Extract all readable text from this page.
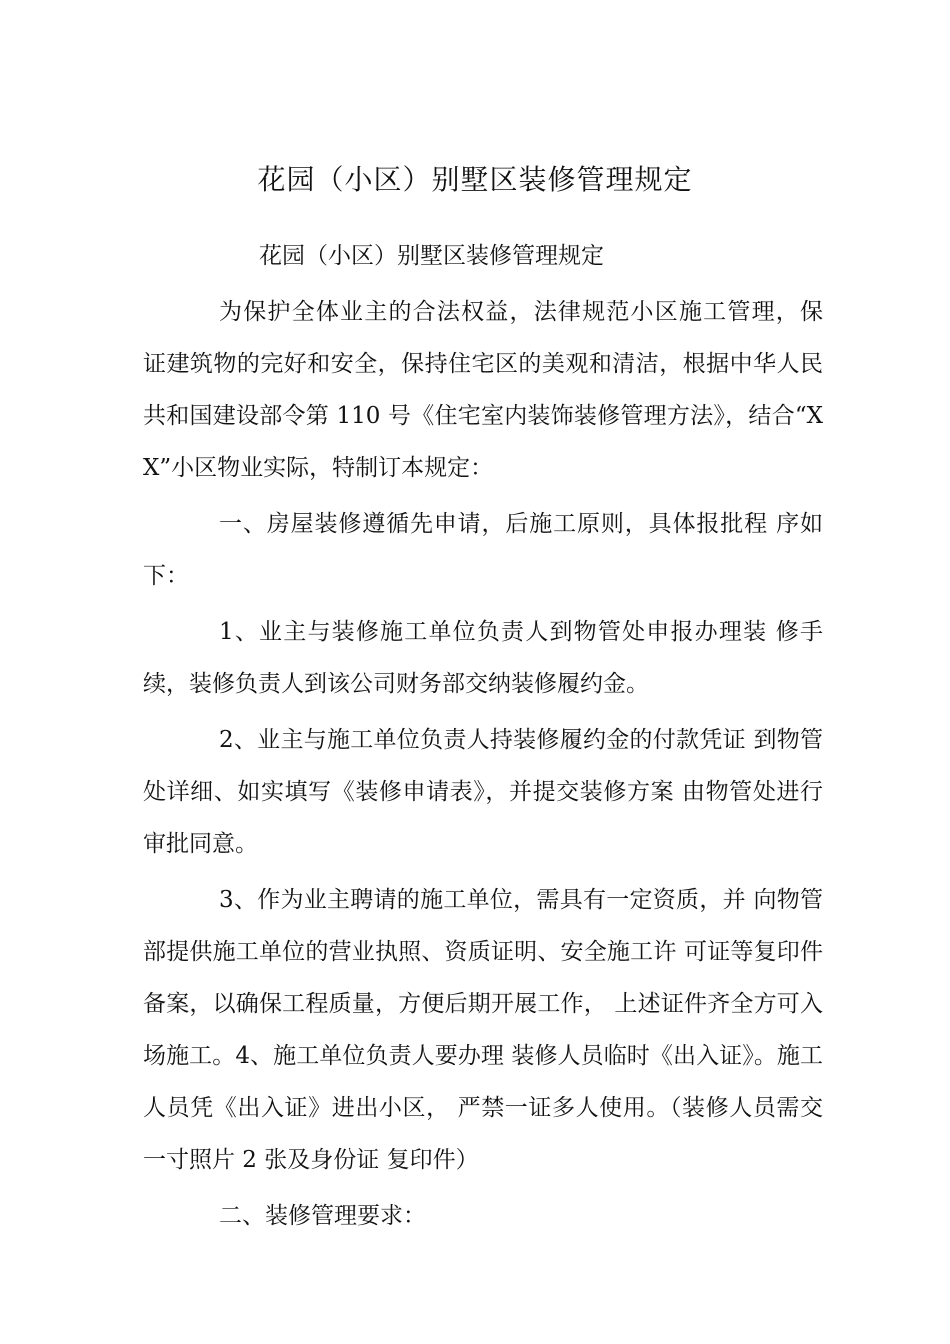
花园（小区）别墅区装修管理规定

花园（小区）别墅区装修管理规定

为保护全体业主的合法权益，法律规范小区施工管理，保 证建筑物的完好和安全，保持住宅区的美观和清洁，根据中华人民共和国建设部令第 110 号《住宅室内装饰装修管理方法》，结合“XX”小区物业实际，特制订本规定：

一、房屋装修遵循先申请，后施工原则，具体报批程 序如下：

1、业主与装修施工单位负责人到物管处申报办理装 修手续，装修负责人到该公司财务部交纳装修履约金。

2、业主与施工单位负责人持装修履约金的付款凭证 到物管处详细、如实填写《装修申请表》，并提交装修方案 由物管处进行审批同意。

3、作为业主聘请的施工单位，需具有一定资质，并 向物管部提供施工单位的营业执照、资质证明、安全施工许 可证等复印件备案，以确保工程质量，方便后期开展工作， 上述证件齐全方可入场施工。4、施工单位负责人要办理 装修人员临时《出入证》。施工人员凭《出入证》进出小区， 严禁一证多人使用。（装修人员需交一寸照片 2 张及身份证 复印件）

二、装修管理要求：
